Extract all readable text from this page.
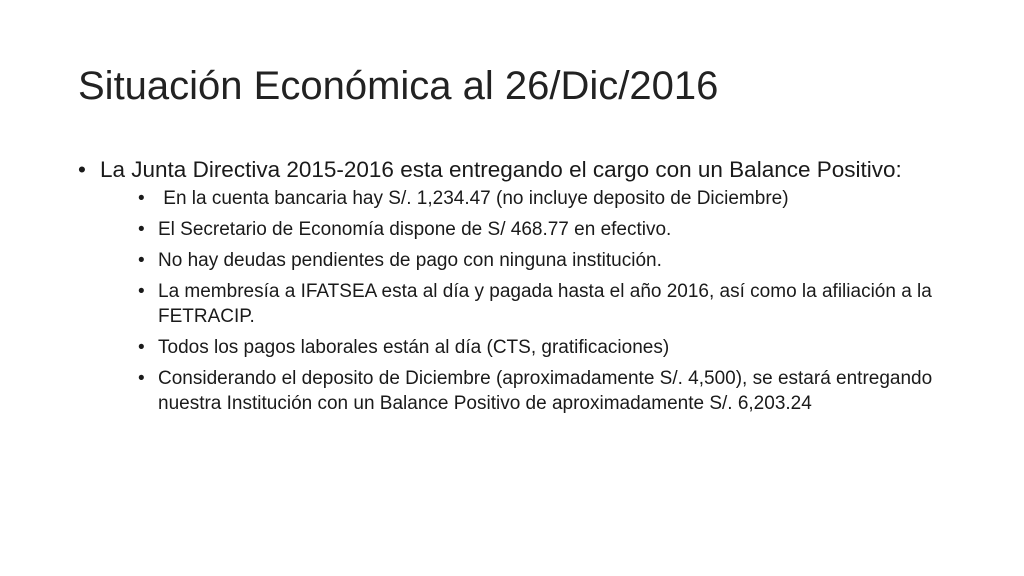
Situación Económica al 26/Dic/2016
• La Junta Directiva 2015-2016 esta entregando el cargo con un Balance Positivo:
• En la cuenta bancaria hay S/. 1,234.47 (no incluye deposito de Diciembre)
• El Secretario de Economía dispone de S/ 468.77 en efectivo.
• No hay deudas pendientes de pago con ninguna institución.
• La membresía a IFATSEA esta al día y pagada hasta el año 2016, así como la afiliación a la FETRACIP.
• Todos los pagos laborales están al día (CTS, gratificaciones)
• Considerando el deposito de Diciembre (aproximadamente S/. 4,500), se estará entregando nuestra Institución con un Balance Positivo de aproximadamente S/. 6,203.24
